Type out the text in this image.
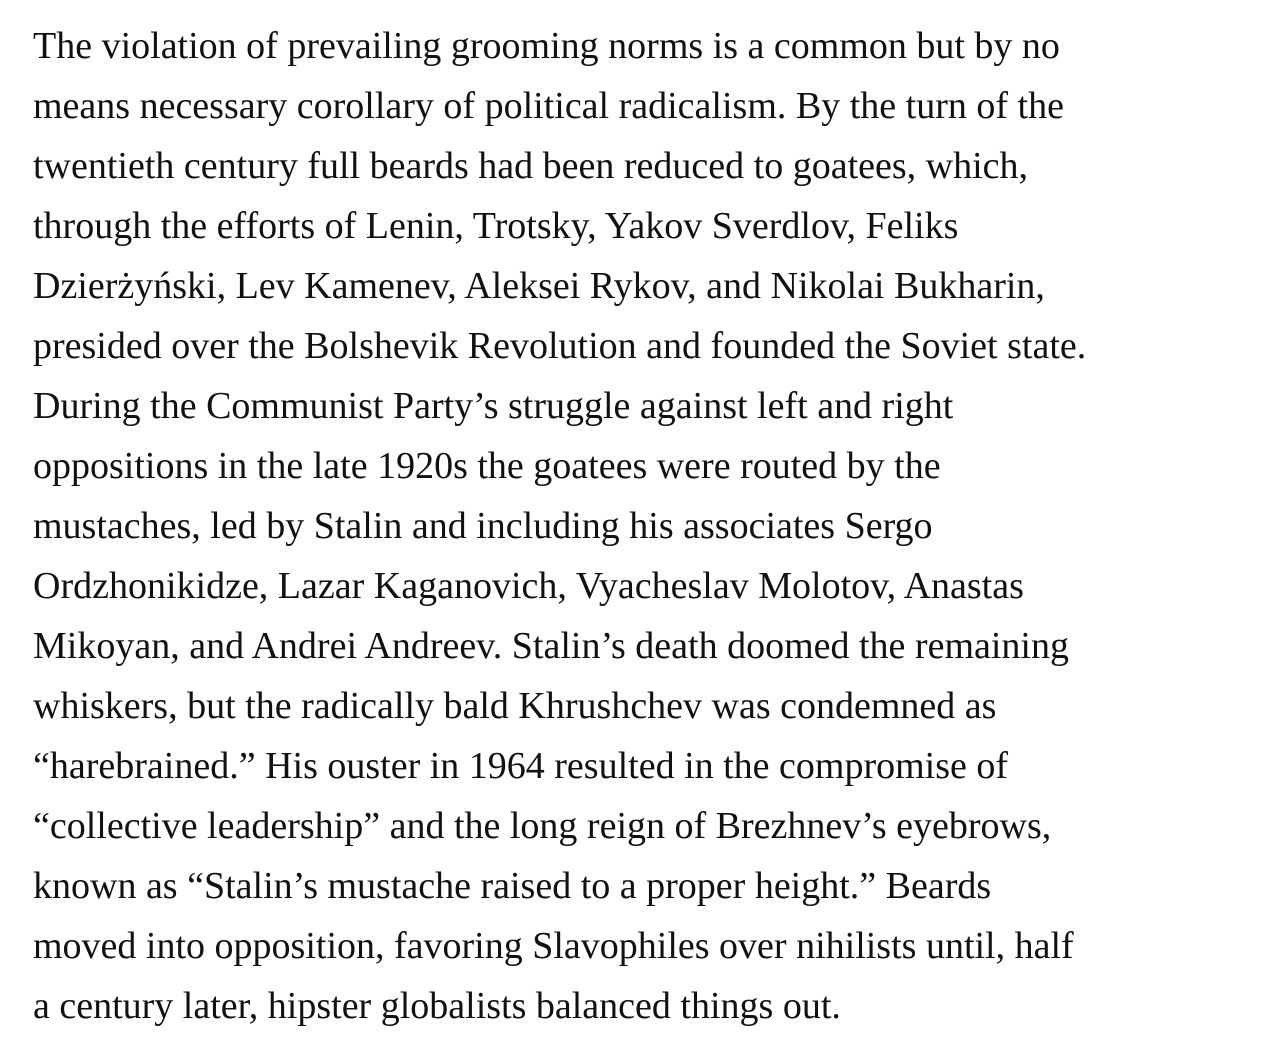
The violation of prevailing grooming norms is a common but by no
means necessary corollary of political radicalism. By the turn of the
twentieth century full beards had been reduced to goatees, which,
through the efforts of Lenin, Trotsky, Yakov Sverdlov, Feliks
Dzierżyński, Lev Kamenev, Aleksei Rykov, and Nikolai Bukharin,
presided over the Bolshevik Revolution and founded the Soviet state.
During the Communist Party’s struggle against left and right
oppositions in the late 1920s the goatees were routed by the
mustaches, led by Stalin and including his associates Sergo
Ordzhonikidze, Lazar Kaganovich, Vyacheslav Molotov, Anastas
Mikoyan, and Andrei Andreev. Stalin’s death doomed the remaining
whiskers, but the radically bald Khrushchev was condemned as
“harebrained.” His ouster in 1964 resulted in the compromise of
“collective leadership” and the long reign of Brezhnev’s eyebrows,
known as “Stalin’s mustache raised to a proper height.” Beards
moved into opposition, favoring Slavophiles over nihilists until, half
a century later, hipster globalists balanced things out.
